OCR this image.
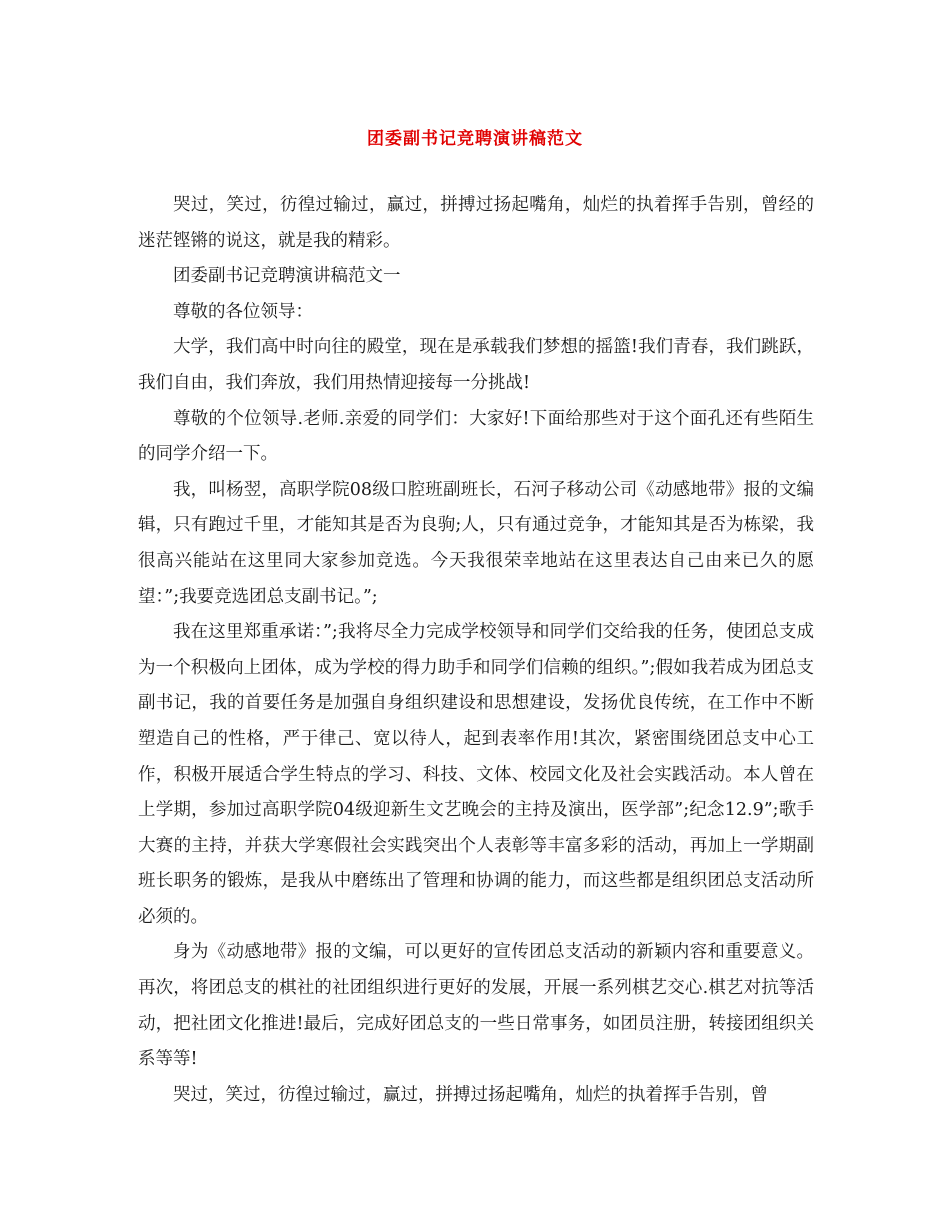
团委副书记竞聘演讲稿范文

哭过，笑过，彷徨过输过，赢过，拼搏过扬起嘴角，灿烂的执着挥手告别，曾经的迷茫铿锵的说这，就是我的精彩。

团委副书记竞聘演讲稿范文一

尊敬的各位领导：

大学，我们高中时向往的殿堂，现在是承载我们梦想的摇篮!我们青春，我们跳跃，我们自由，我们奔放，我们用热情迎接每一分挑战!

尊敬的个位领导.老师.亲爱的同学们：大家好!下面给那些对于这个面孔还有些陌生的同学介绍一下。

我，叫杨翌，高职学院08级口腔班副班长，石河子移动公司《动感地带》报的文编辑，只有跑过千里，才能知其是否为良驹;人，只有通过竞争，才能知其是否为栋梁，我很高兴能站在这里同大家参加竞选。今天我很荣幸地站在这里表达自己由来已久的愿望：”;我要竞选团总支副书记。”;

我在这里郑重承诺：”;我将尽全力完成学校领导和同学们交给我的任务，使团总支成为一个积极向上团体，成为学校的得力助手和同学们信赖的组织。”;假如我若成为团总支副书记，我的首要任务是加强自身组织建设和思想建设，发扬优良传统，在工作中不断塑造自己的性格，严于律己、宽以待人，起到表率作用!其次，紧密围绕团总支中心工作，积极开展适合学生特点的学习、科技、文体、校园文化及社会实践活动。本人曾在上学期，参加过高职学院04级迎新生文艺晚会的主持及演出，医学部”;纪念12.9”;歌手大赛的主持，并获大学寒假社会实践突出个人表彰等丰富多彩的活动，再加上一学期副班长职务的锻炼，是我从中磨练出了管理和协调的能力，而这些都是组织团总支活动所必须的。

身为《动感地带》报的文编，可以更好的宣传团总支活动的新颖内容和重要意义。再次，将团总支的棋社的社团组织进行更好的发展，开展一系列棋艺交心.棋艺对抗等活动，把社团文化推进!最后，完成好团总支的一些日常事务，如团员注册，转接团组织关系等等!

哭过，笑过，彷徨过输过，赢过，拼搏过扬起嘴角，灿烂的执着挥手告别，曾
